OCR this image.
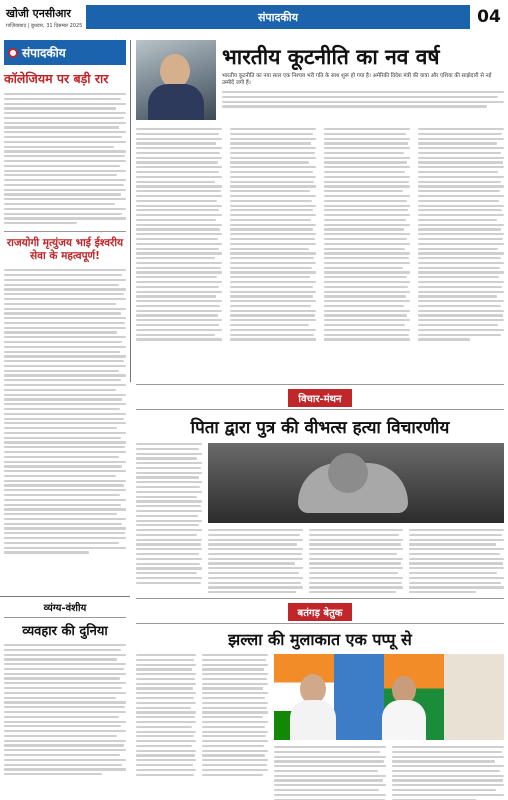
खोजी एनसीआर
ग़ाज़ियाबाद | बुधवार, 31 दिसम्बर 2025
संपादकीय	04
संपादकीय
कॉलेजियम पर बड़ी रार
राजयोगी मृत्युंजय भाई ईश्वरीय सेवा के महत्वपूर्ण!
व्यंग्य-वंशीय
व्यवहार की दुनिया
भारतीय कूटनीति का नव वर्ष
भारतीय कूटनीति का नया साल एक निश्चय भरी गति के साथ शुरू हो गया है। अमेरिकी विदेश मंत्री की यात्रा और एशिया की साझेदारी से नई उम्मीदें जगी हैं।
विचार-मंथन
पिता द्वारा पुत्र की वीभत्स हत्या विचारणीय
बतंगड़ बेतुक
झल्ला की मुलाकात एक पप्पू से
